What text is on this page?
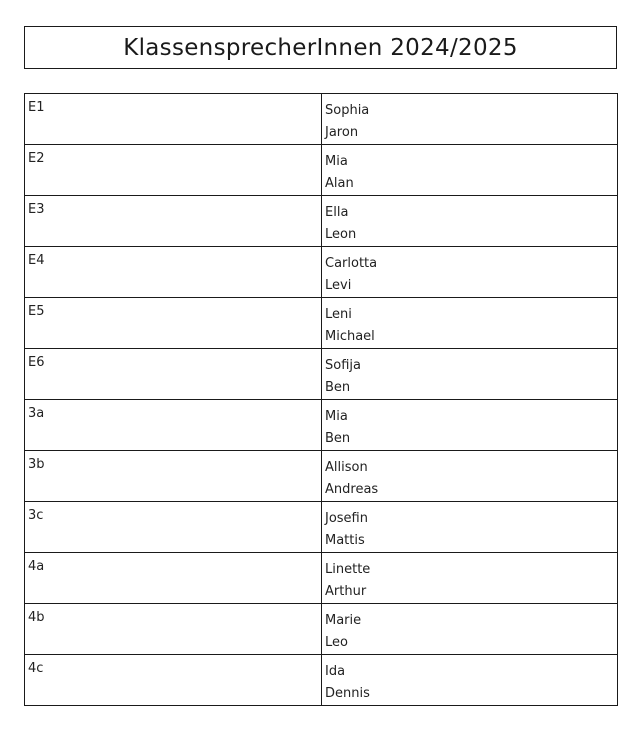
KlassensprecherInnen 2024/2025
E1	Sophia
Jaron

E2	Mia
Alan

E3	Ella
Leon

E4	Carlotta
Levi

E5	Leni
Michael

E6	Sofija
Ben

3a	Mia
Ben

3b	Allison
Andreas

3c	Josefin
Mattis

4a	Linette
Arthur

4b	Marie
Leo

4c	Ida
Dennis
